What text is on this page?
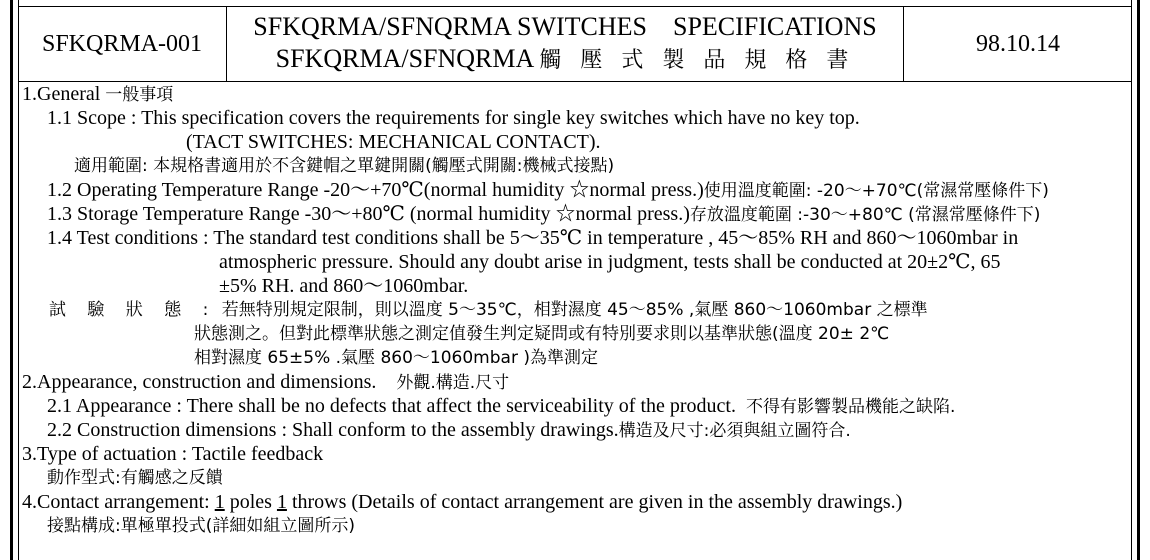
SFKQRMA-001
SFKQRMA/SFNQRMA SWITCHES    SPECIFICATIONS
SFKQRMA/SFNQRMA 觸 壓 式 製 品 規 格 書
98.10.14
1.General 一般事項
1.1 Scope : This specification covers the requirements for single key switches which have no key top.
(TACT SWITCHES: MECHANICAL CONTACT).
適用範圍: 本規格書適用於不含鍵帽之單鍵開關(觸壓式開關:機械式接點)
1.2 Operating Temperature Range -20～+70℃(normal humidity ☆normal press.)使用溫度範圍: -20～+70℃(常濕常壓條件下)
1.3 Storage Temperature Range -30～+80℃ (normal humidity ☆normal press.)存放溫度範圍 :-30～+80℃ (常濕常壓條件下)
1.4 Test conditions : The standard test conditions shall be 5～35℃ in temperature , 45～85% RH and 860～1060mbar in
atmospheric pressure. Should any doubt arise in judgment, tests shall be conducted at 20±2℃, 65
±5% RH. and 860～1060mbar.
試 驗 狀 態 : 若無特別規定限制，則以溫度 5～35℃，相對濕度 45～85% ,氣壓 860～1060mbar 之標準
狀態測之。但對此標準狀態之測定值發生判定疑問或有特別要求則以基準狀態(溫度 20± 2℃
相對濕度 65±5% .氣壓 860～1060mbar )為準測定
2.Appearance, construction and dimensions.    外觀.構造.尺寸
2.1 Appearance : There shall be no defects that affect the serviceability of the product.  不得有影響製品機能之缺陷.
2.2 Construction dimensions : Shall conform to the assembly drawings.構造及尺寸:必須與組立圖符合.
3.Type of actuation : Tactile feedback
動作型式:有觸感之反饋
4.Contact arrangement: 1 poles 1 throws (Details of contact arrangement are given in the assembly drawings.)
接點構成:單極單投式(詳細如組立圖所示)
